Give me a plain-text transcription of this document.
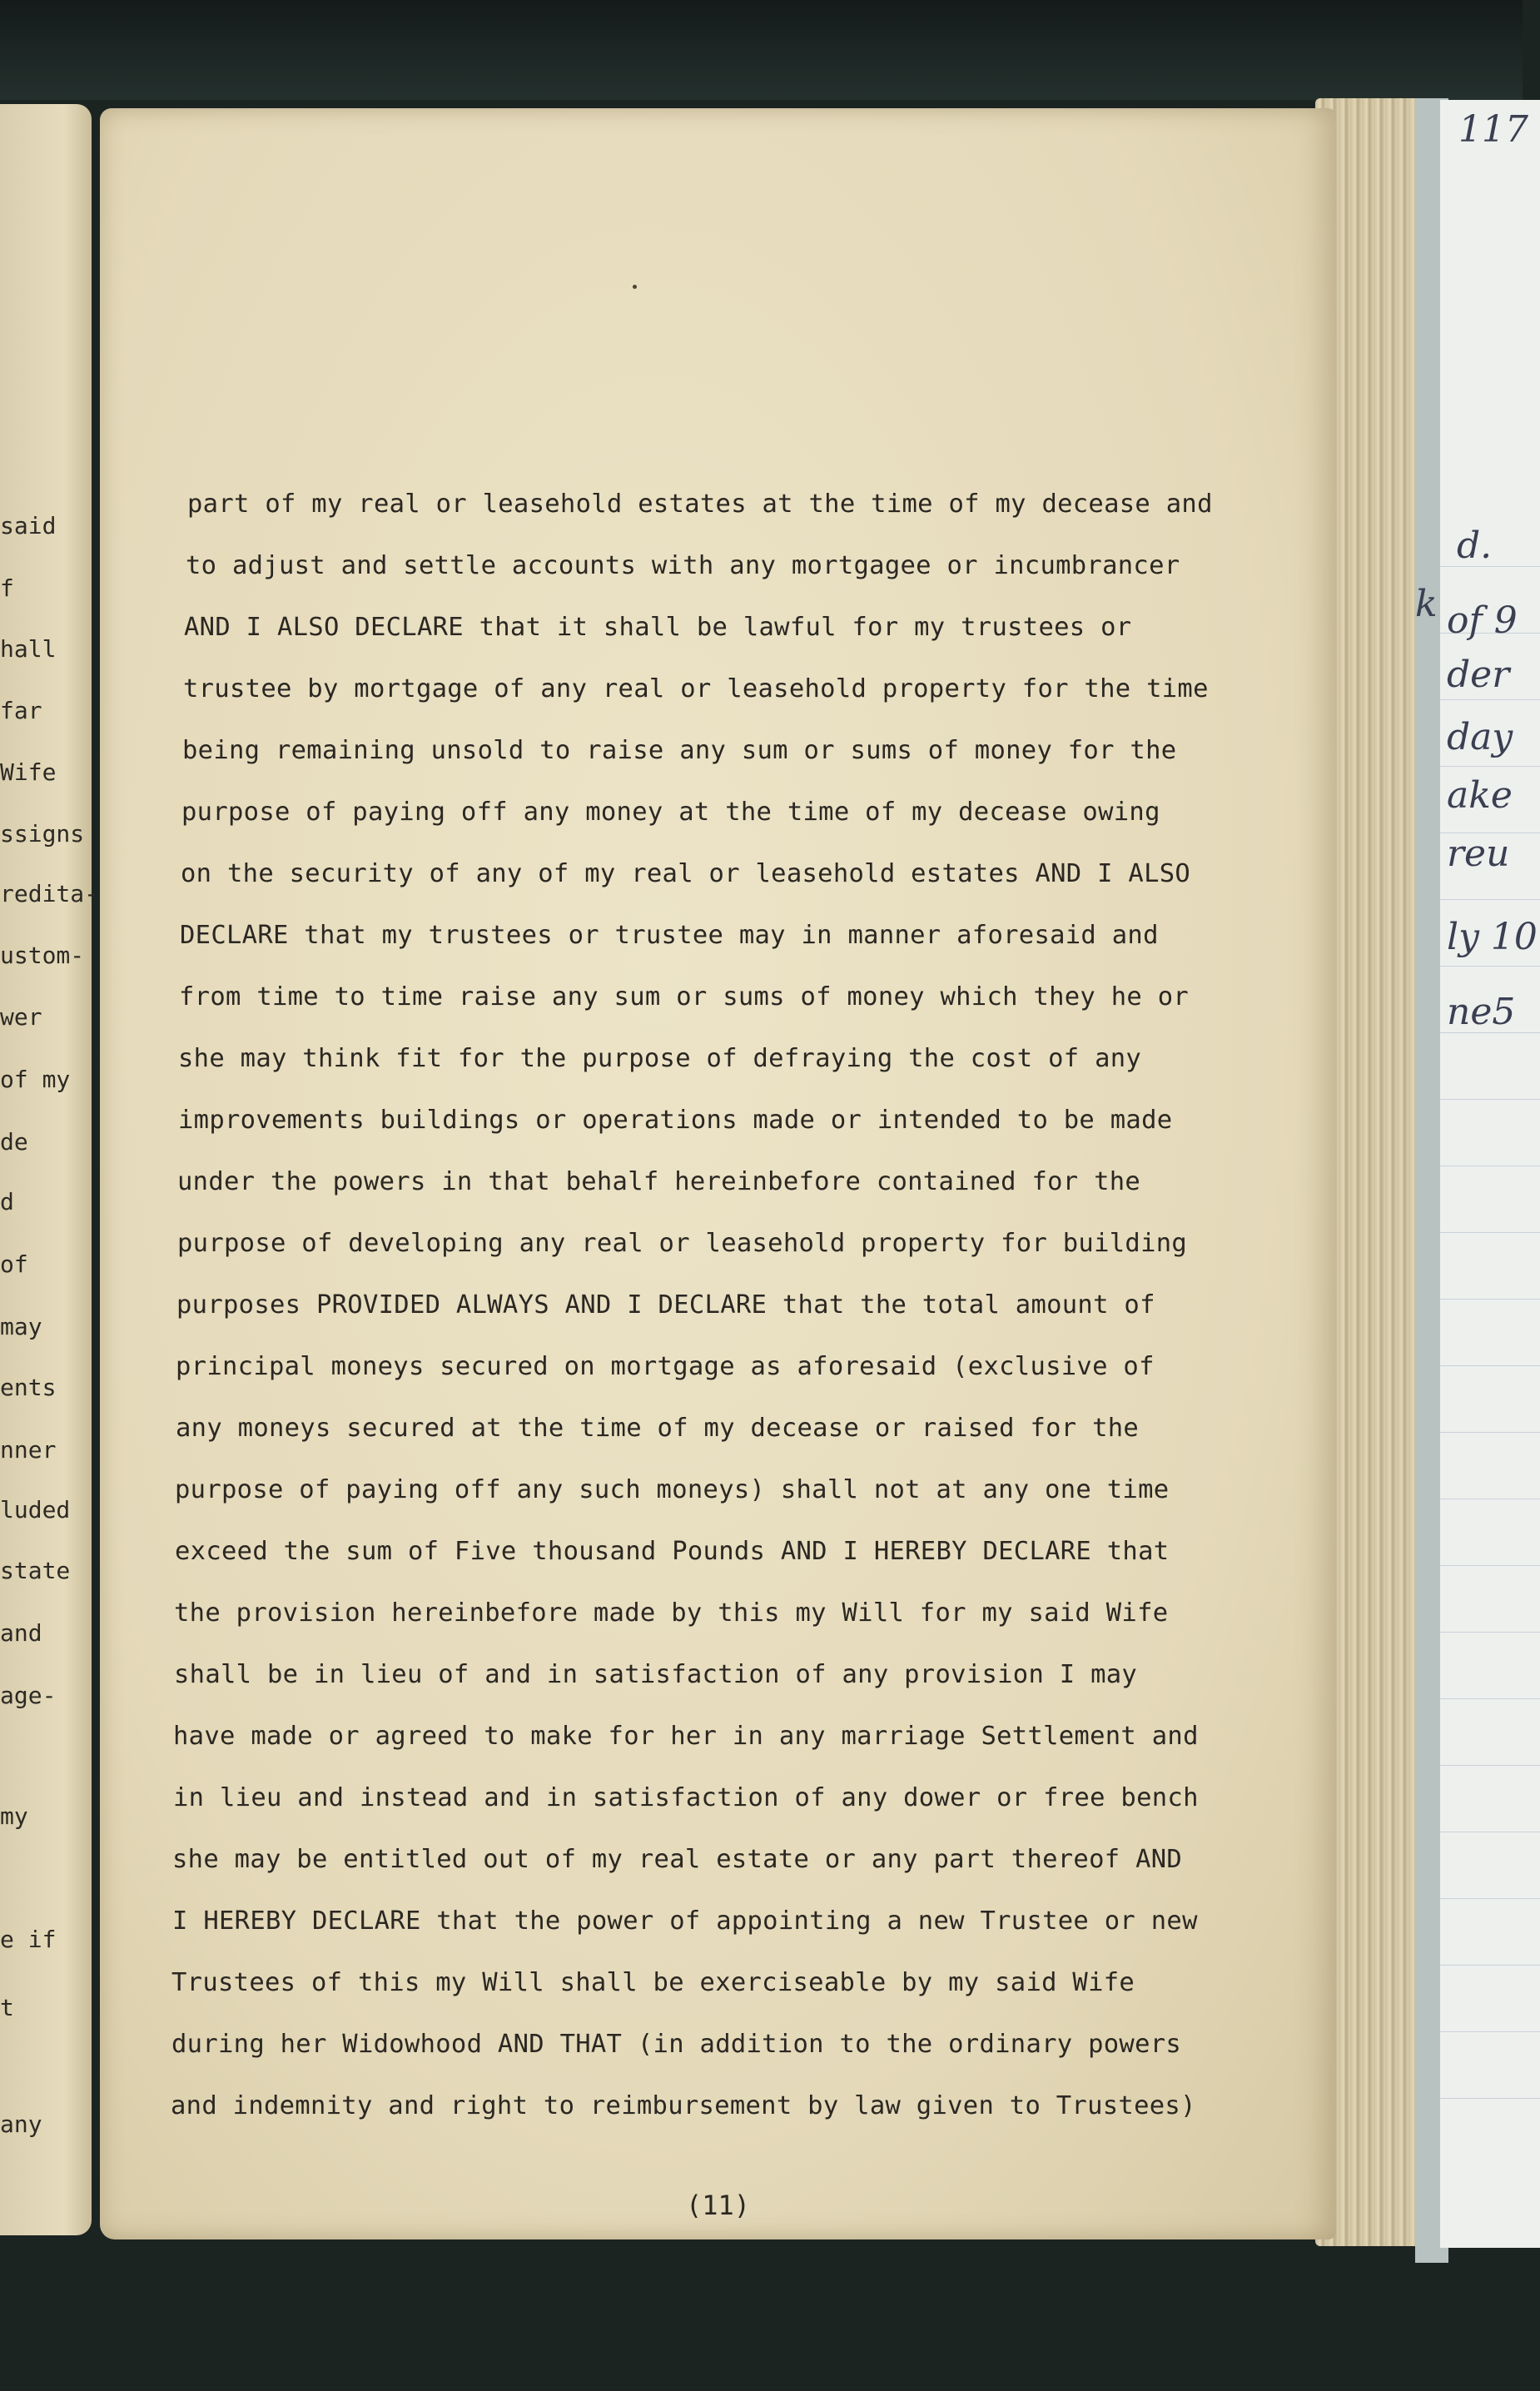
said
f
hall
far
Wife
ssigns
redita-
ustom-
wer
of my
de
d
of
may
ents
nner
luded
state
and
age-
my
e if
t
any
d.
k of 9
der
day
ake
reu
ly 10
ne5
117
part of my real or leasehold estates at the time of my decease and
to adjust and settle accounts with any mortgagee or incumbrancer
AND I ALSO DECLARE that it shall be lawful for my trustees or
trustee by mortgage of any real or leasehold property for the time
being remaining unsold to raise any sum or sums of money for the
purpose of paying off any money at the time of my decease owing
on the security of any of my real or leasehold estates AND I ALSO
DECLARE that my trustees or trustee may in manner aforesaid and
from time to time raise any sum or sums of money which they he or
she may think fit for the purpose of defraying the cost of any
improvements buildings or operations made or intended to be made
under the powers in that behalf hereinbefore contained for the
purpose of developing any real or leasehold property for building
purposes PROVIDED ALWAYS AND I DECLARE that the total amount of
principal moneys secured on mortgage as aforesaid (exclusive of
any moneys secured at the time of my decease or raised for the
purpose of paying off any such moneys) shall not at any one time
exceed the sum of Five thousand Pounds AND I HEREBY DECLARE that
the provision hereinbefore made by this my Will for my said Wife
shall be in lieu of and in satisfaction of any provision I may
have made or agreed to make for her in any marriage Settlement and
in lieu and instead and in satisfaction of any dower or free bench
she may be entitled out of my real estate or any part thereof AND
I HEREBY DECLARE that the power of appointing a new Trustee or new
Trustees of this my Will shall be exerciseable by my said Wife
during her Widowhood AND THAT (in addition to the ordinary powers
and indemnity and right to reimbursement by law given to Trustees)
(11)
